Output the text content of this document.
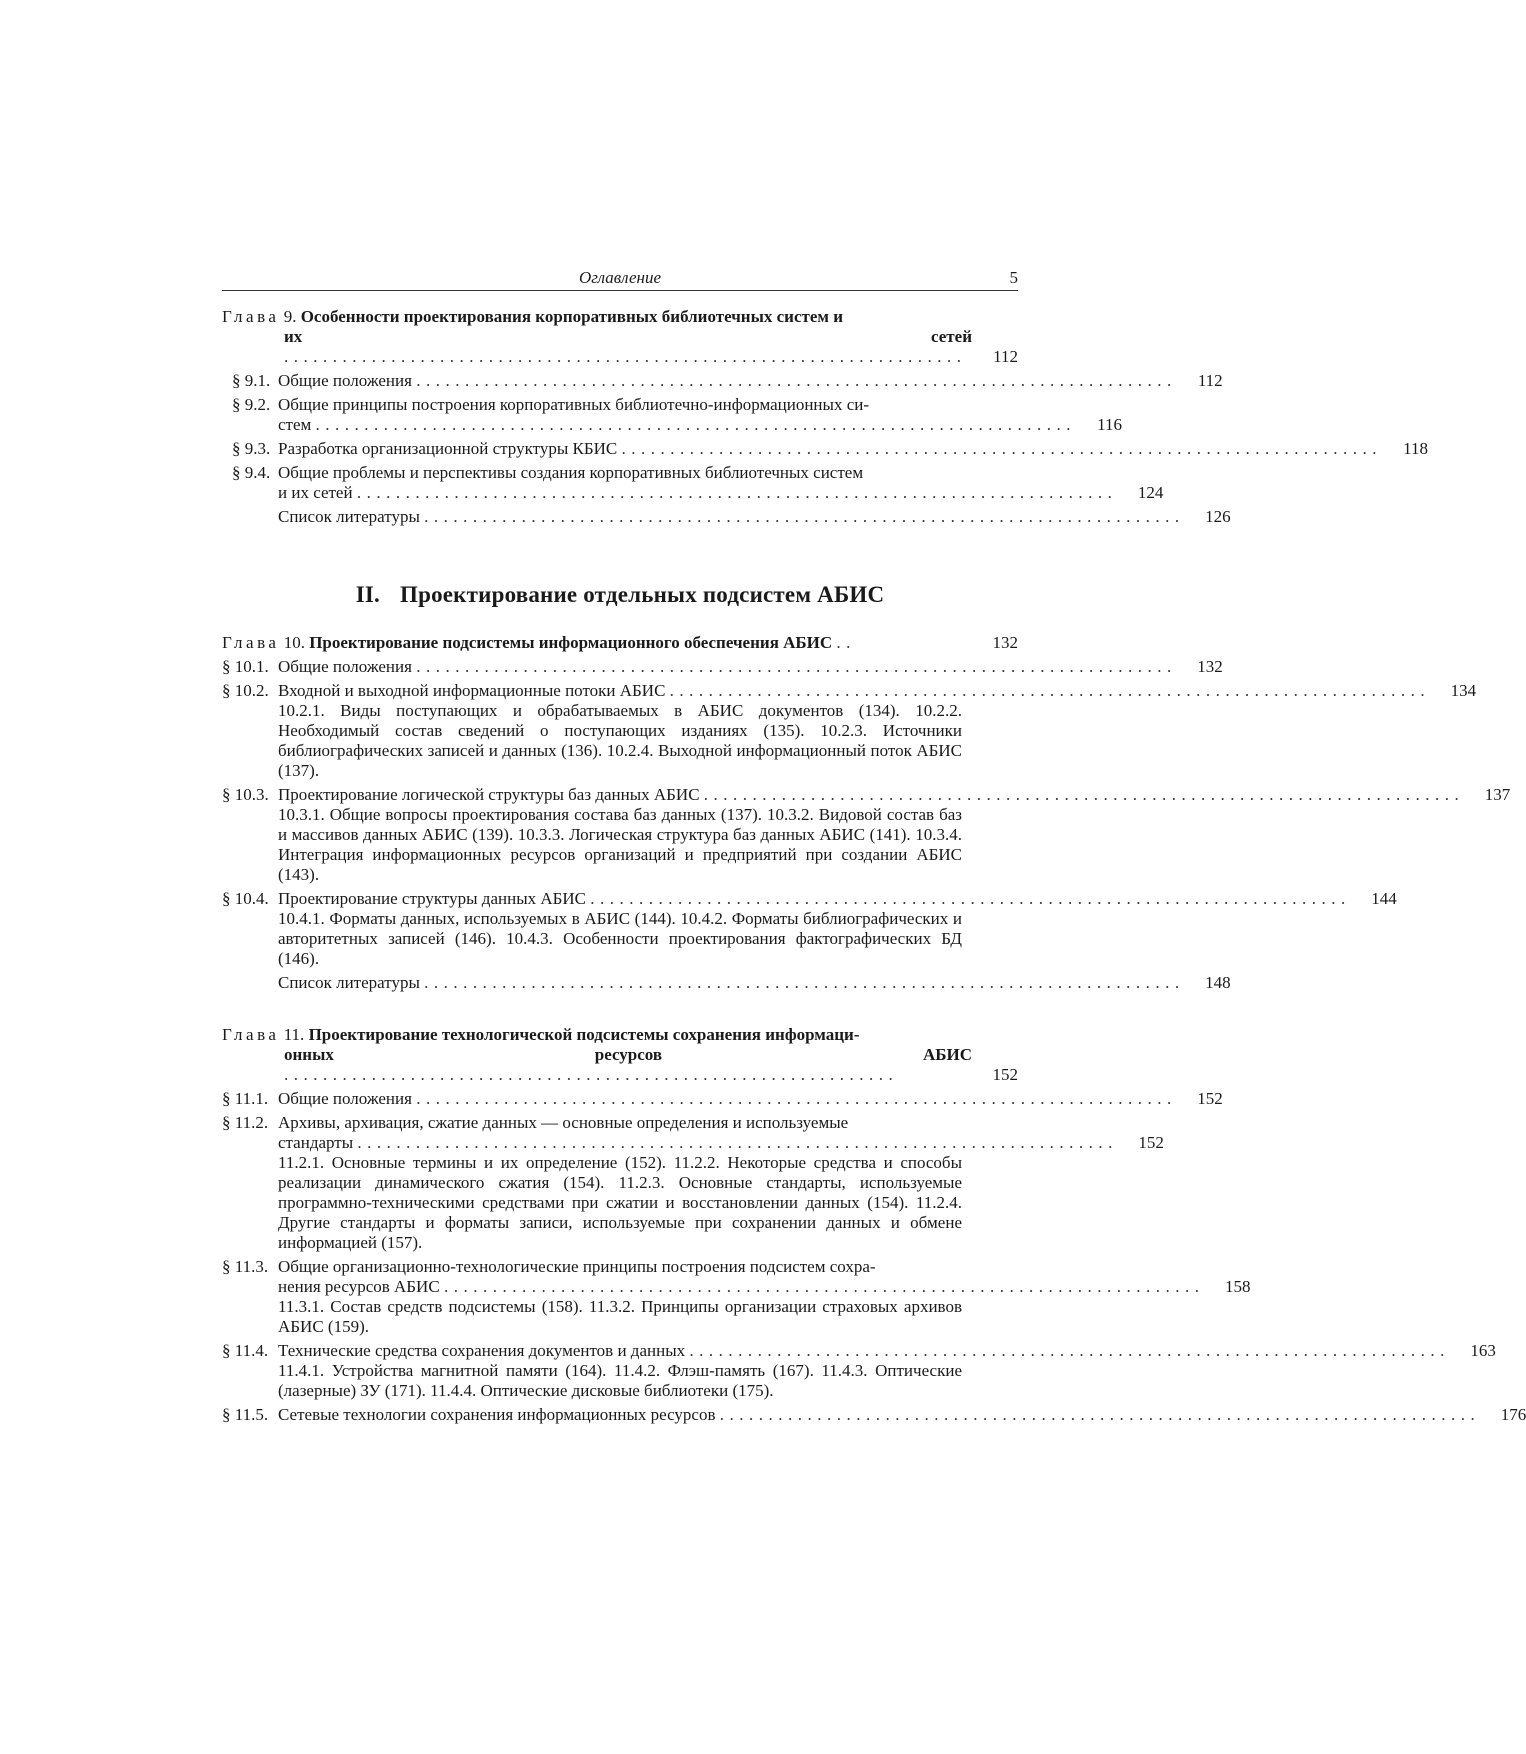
Оглавление	5
Глава 9. Особенности проектирования корпоративных библиотечных систем и
их сетей ......................................................................	112
§ 9.1. Общие положения ..............................................................................	112
§ 9.2. Общие принципы построения корпоративных библиотечно-информационных си-
стем ..............................................................................	116
§ 9.3. Разработка организационной структуры КБИС ..............................................................................	118
§ 9.4. Общие проблемы и перспективы создания корпоративных библиотечных систем
и их сетей ..............................................................................	124
Список литературы ..............................................................................	126
II. Проектирование отдельных подсистем АБИС
Глава 10. Проектирование подсистемы информационного обеспечения АБИС ..	132
§ 10.1. Общие положения ..............................................................................	132
§ 10.2. Входной и выходной информационные потоки АБИС ..............................................................................	134
10.2.1. Виды поступающих и обрабатываемых в АБИС документов (134). 10.2.2. Необходимый состав сведений о поступающих изданиях (135). 10.2.3. Источники библиографических записей и данных (136). 10.2.4. Выходной информационный поток АБИС (137).
§ 10.3. Проектирование логической структуры баз данных АБИС ..............................................................................	137
10.3.1. Общие вопросы проектирования состава баз данных (137). 10.3.2. Видовой состав баз и массивов данных АБИС (139). 10.3.3. Логическая структура баз данных АБИС (141). 10.3.4. Интеграция информационных ресурсов организаций и предприятий при создании АБИС (143).
§ 10.4. Проектирование структуры данных АБИС ..............................................................................	144
10.4.1. Форматы данных, используемых в АБИС (144). 10.4.2. Форматы библиографических и авторитетных записей (146). 10.4.3. Особенности проектирования фактографических БД (146).
Список литературы ..............................................................................	148
Глава 11. Проектирование технологической подсистемы сохранения информаци-
онных ресурсов АБИС ...............................................................	152
§ 11.1. Общие положения ..............................................................................	152
§ 11.2. Архивы, архивация, сжатие данных — основные определения и используемые
стандарты ..............................................................................	152
11.2.1. Основные термины и их определение (152). 11.2.2. Некоторые средства и способы реализации динамического сжатия (154). 11.2.3. Основные стандарты, используемые программно-техническими средствами при сжатии и восстановлении данных (154). 11.2.4. Другие стандарты и форматы записи, используемые при сохранении данных и обмене информацией (157).
§ 11.3. Общие организационно-технологические принципы построения подсистем сохра-
нения ресурсов АБИС ..............................................................................	158
11.3.1. Состав средств подсистемы (158). 11.3.2. Принципы организации страховых архивов АБИС (159).
§ 11.4. Технические средства сохранения документов и данных ..............................................................................	163
11.4.1. Устройства магнитной памяти (164). 11.4.2. Флэш-память (167). 11.4.3. Оптические (лазерные) ЗУ (171). 11.4.4. Оптические дисковые библиотеки (175).
§ 11.5. Сетевые технологии сохранения информационных ресурсов ..............................................................................	176
